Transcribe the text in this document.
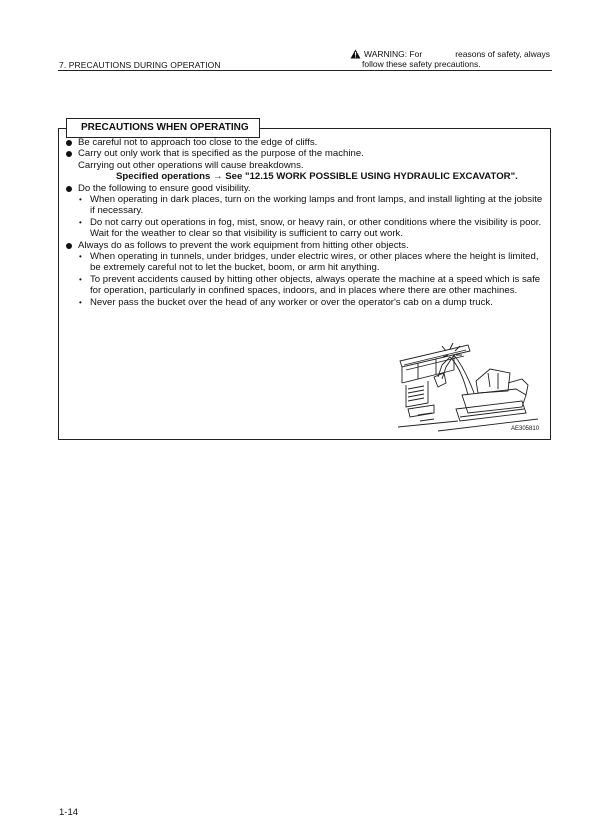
7. PRECAUTIONS DURING OPERATION
WARNING: For	reasons of safety, always
follow these safety precautions.
PRECAUTIONS WHEN OPERATING
Be careful not to approach too close to the edge of cliffs.
Carry out only work that is specified as the purpose of the machine.
Carrying out other operations will cause breakdowns.
Specified operations → See "12.15 WORK POSSIBLE USING HYDRAULIC EXCAVATOR".
Do the following to ensure good visibility.
• When operating in dark places, turn on the working lamps and front lamps, and install lighting at the jobsite if necessary.
• Do not carry out operations in fog, mist, snow, or heavy rain, or other conditions where the visibility is poor. Wait for the weather to clear so that visibility is sufficient to carry out work.
Always do as follows to prevent the work equipment from hitting other objects.
• When operating in tunnels, under bridges, under electric wires, or other places where the height is limited, be extremely careful not to let the bucket, boom, or arm hit anything.
• To prevent accidents caused by hitting other objects, always operate the machine at a speed which is safe for operation, particularly in confined spaces, indoors, and in places where there are other machines.
• Never pass the bucket over the head of any worker or over the operator's cab on a dump truck.
AE305810
1-14
